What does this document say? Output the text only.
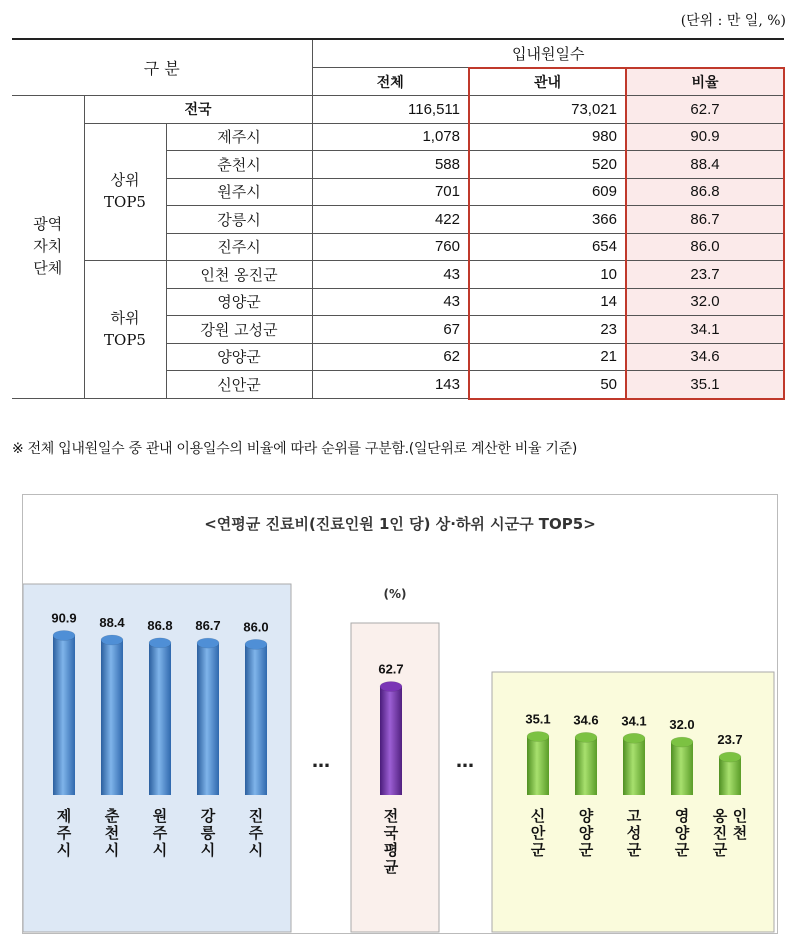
(단위 : 만 일, %)
구 분			입내원일수		
			전체	관내	비율
광역
자치
단체	전국		116,511	73,021	62.7
	상위
TOP5	제주시	1,078	980	90.9
		춘천시	588	520	88.4
		원주시	701	609	86.8
		강릉시	422	366	86.7
		진주시	760	654	86.0
	하위
TOP5	인천 옹진군	43	10	23.7
		영양군	43	14	32.0
		강원 고성군	67	23	34.1
		양양군	62	21	34.6
		신안군	143	50	35.1
※ 전체 입내원일수 중 관내 이용일수의 비율에 따라 순위를 구분함.(일단위로 계산한 비율 기준)
<연평균 진료비(진료인원 1인 당) 상·하위 시군구 TOP5>
(%)
90.9
제
주
시
88.4
춘
천
시
86.8
원
주
시
86.7
강
릉
시
86.0
진
주
시
62.7
전
국
평
균
35.1
신
안
군
34.6
양
양
군
34.1
고
성
군
32.0
영
양
군
23.7
인
천
옹
진
군
…	…
